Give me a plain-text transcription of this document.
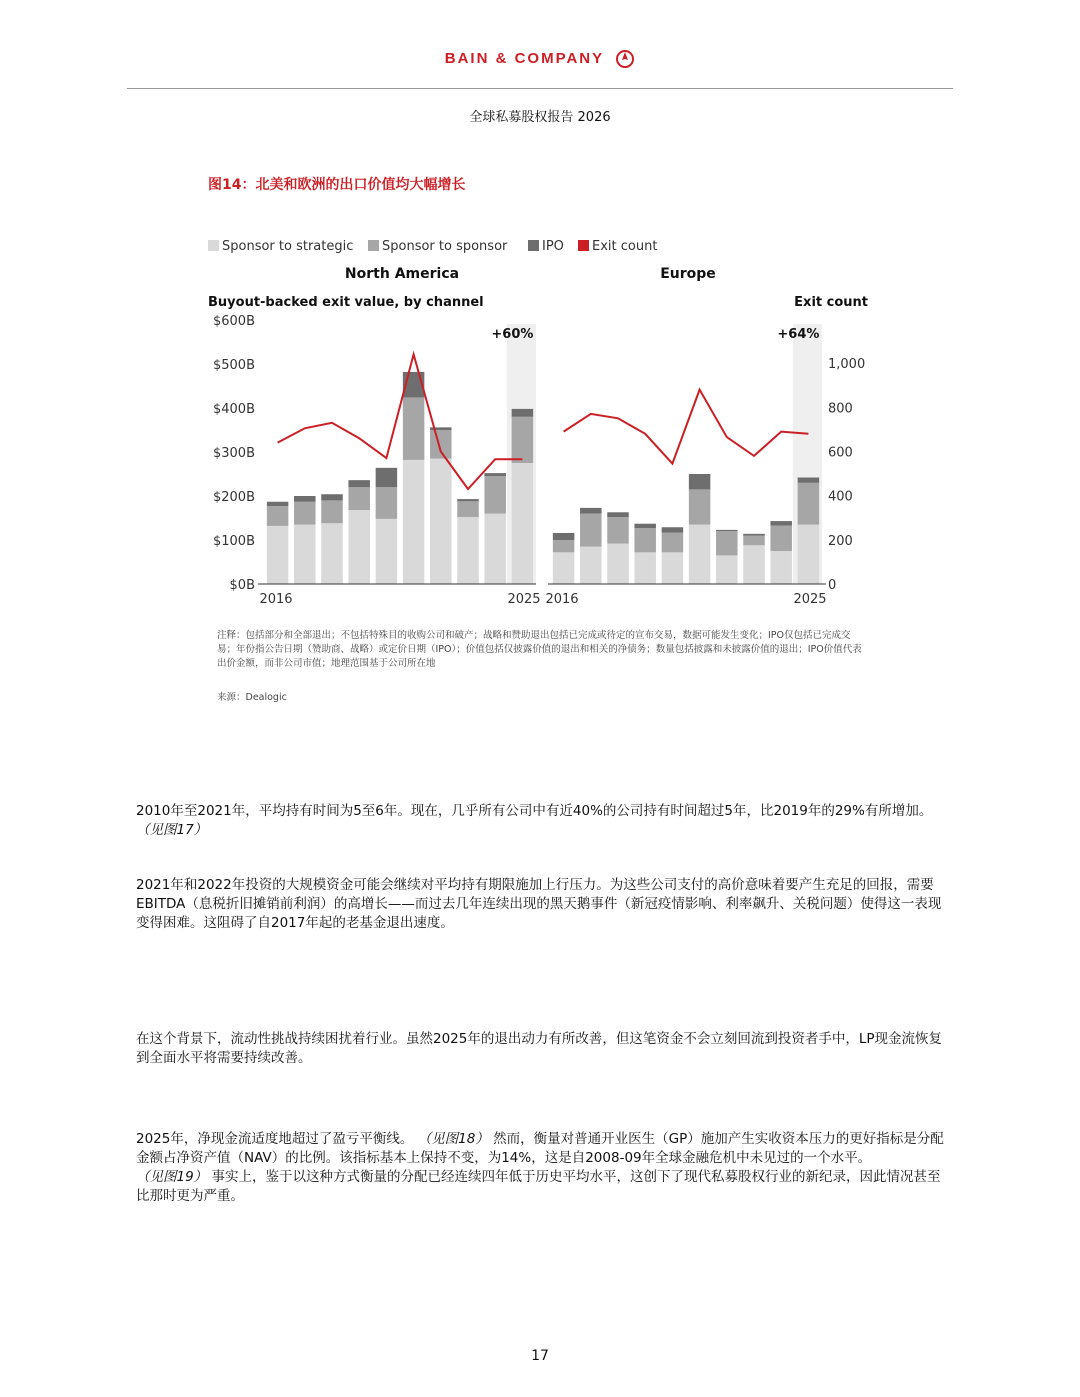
BAIN & COMPANY
全球私募股权报告 2026
图14：北美和欧洲的出口价值均大幅增长
Sponsor to strategic Sponsor to sponsor	IPO Exit count
Buyout-backed exit value, by channel	Exit count
$0B
$100B
$200B
$300B
$400B
$500B
$600B
0
200
400
600
800
1,000
+60%
North America
2016	2025
+64%
Europe
2016	2025
注释：包括部分和全部退出；不包括特殊目的收购公司和破产；战略和赞助退出包括已完成或待定的宣布交易，数据可能发生变化；IPO仅包括已完成交易；年份指公告日期（赞助商、战略）或定价日期（IPO）；价值包括仅披露价值的退出和相关的净债务；数量包括披露和未披露价值的退出；IPO价值代表出价金额，而非公司市值；地理范围基于公司所在地
来源：Dealogic
2010年至2021年，平均持有时间为5至6年。现在，几乎所有公司中有近40%的公司持有时间超过5年，比2019年的29%有所增加。（见图17）
2021年和2022年投资的大规模资金可能会继续对平均持有期限施加上行压力。为这些公司支付的高价意味着要产生充足的回报，需要EBITDA（息税折旧摊销前利润）的高增长——而过去几年连续出现的黑天鹅事件（新冠疫情影响、利率飙升、关税问题）使得这一表现变得困难。这阻碍了自2017年起的老基金退出速度。
在这个背景下，流动性挑战持续困扰着行业。虽然2025年的退出动力有所改善，但这笔资金不会立刻回流到投资者手中，LP现金流恢复到全面水平将需要持续改善。
2025年，净现金流适度地超过了盈亏平衡线。 （见图18） 然而，衡量对普通开业医生（GP）施加产生实收资本压力的更好指标是分配金额占净资产值（NAV）的比例。该指标基本上保持不变，为14%，这是自2008-09年全球金融危机中未见过的一个水平。
（见图19） 事实上，鉴于以这种方式衡量的分配已经连续四年低于历史平均水平，这创下了现代私募股权行业的新纪录，因此情况甚至比那时更为严重。
17
